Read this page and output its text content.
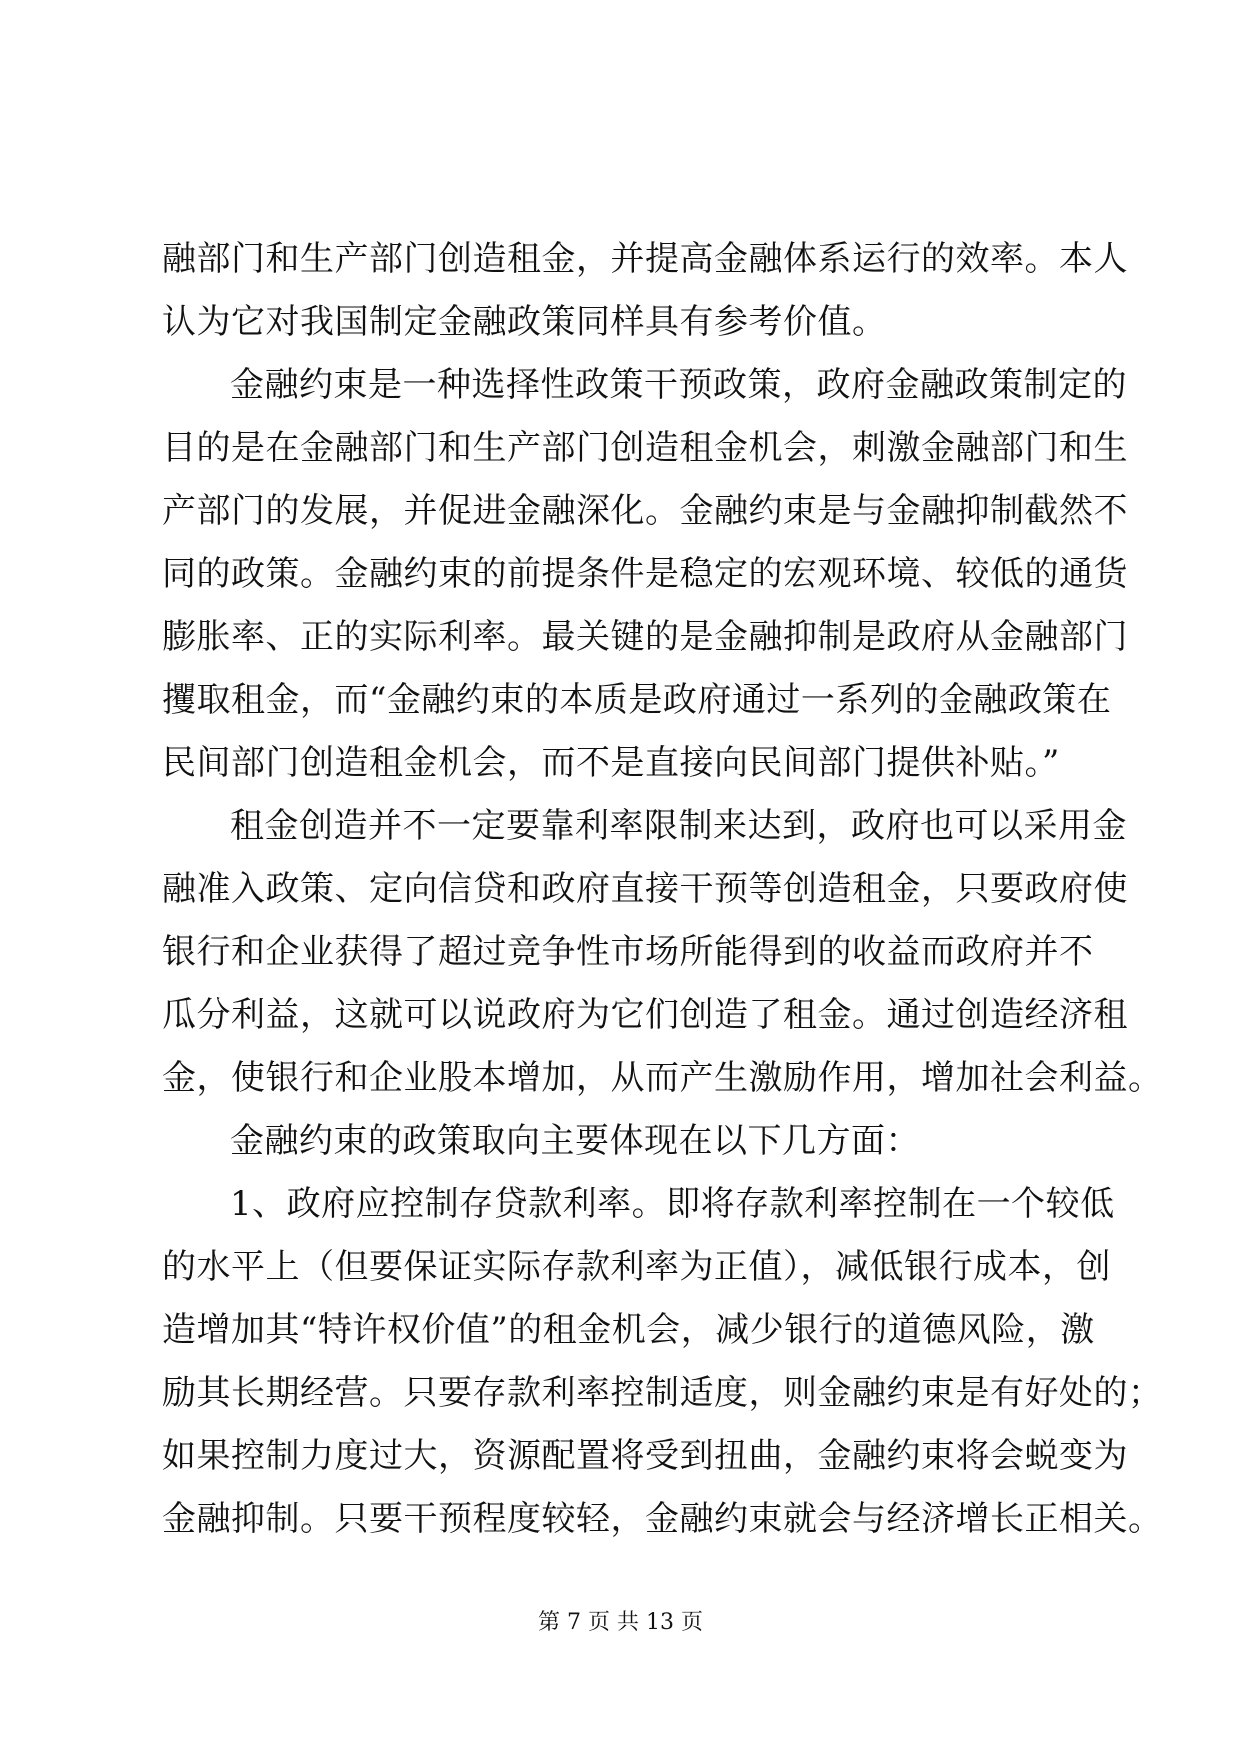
融部门和生产部门创造租金，并提高金融体系运行的效率。本人
认为它对我国制定金融政策同样具有参考价值。
金融约束是一种选择性政策干预政策，政府金融政策制定的
目的是在金融部门和生产部门创造租金机会，刺激金融部门和生
产部门的发展，并促进金融深化。金融约束是与金融抑制截然不
同的政策。金融约束的前提条件是稳定的宏观环境、较低的通货
膨胀率、正的实际利率。最关键的是金融抑制是政府从金融部门
攫取租金，而“金融约束的本质是政府通过一系列的金融政策在
民间部门创造租金机会，而不是直接向民间部门提供补贴。”
租金创造并不一定要靠利率限制来达到，政府也可以采用金
融准入政策、定向信贷和政府直接干预等创造租金，只要政府使
银行和企业获得了超过竞争性市场所能得到的收益而政府并不
瓜分利益，这就可以说政府为它们创造了租金。通过创造经济租
金，使银行和企业股本增加，从而产生激励作用，增加社会利益。
金融约束的政策取向主要体现在以下几方面：
1、政府应控制存贷款利率。即将存款利率控制在一个较低
的水平上（但要保证实际存款利率为正值），减低银行成本，创
造增加其“特许权价值”的租金机会，减少银行的道德风险，激
励其长期经营。只要存款利率控制适度，则金融约束是有好处的；
如果控制力度过大，资源配置将受到扭曲，金融约束将会蜕变为
金融抑制。只要干预程度较轻，金融约束就会与经济增长正相关。
第 7 页 共 13 页
